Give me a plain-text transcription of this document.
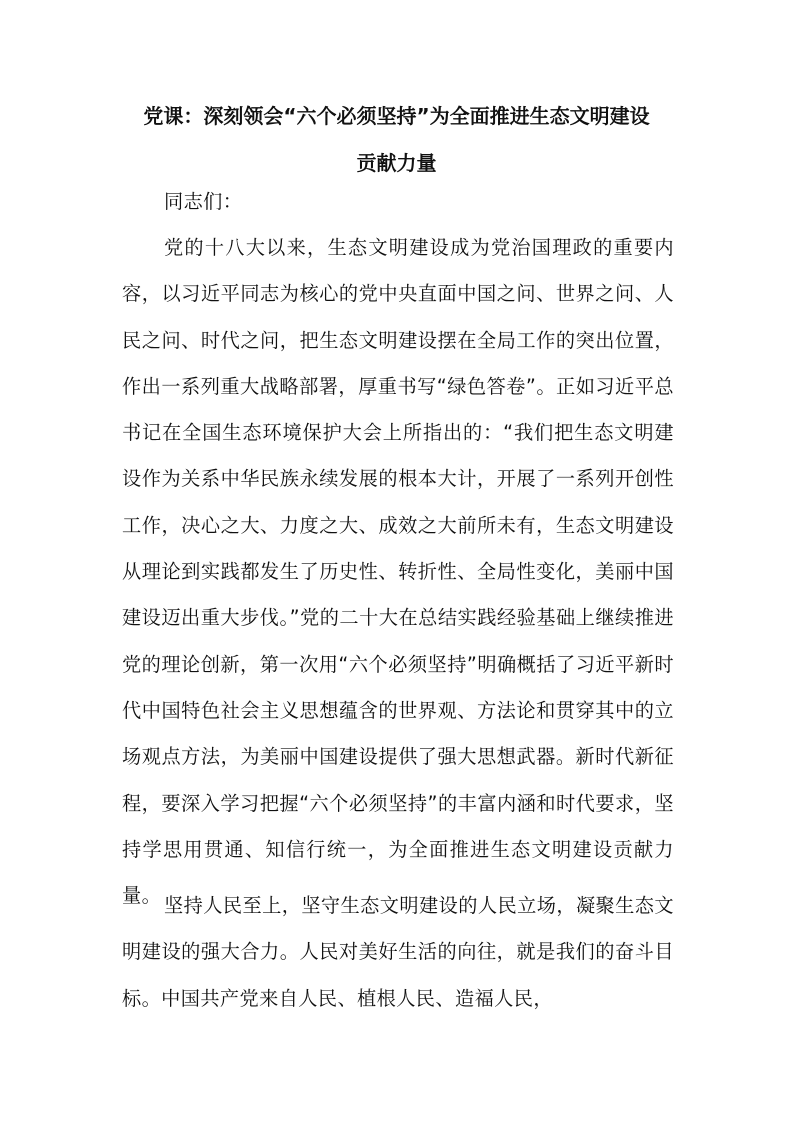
党课：深刻领会“六个必须坚持”为全面推进生态文明建设
贡献力量

同志们：

党的十八大以来，生态文明建设成为党治国理政的重要内容，以习近平同志为核心的党中央直面中国之问、世界之问、人民之问、时代之问，把生态文明建设摆在全局工作的突出位置，作出一系列重大战略部署，厚重书写“绿色答卷”。正如习近平总书记在全国生态环境保护大会上所指出的：“我们把生态文明建设作为关系中华民族永续发展的根本大计，开展了一系列开创性工作，决心之大、力度之大、成效之大前所未有，生态文明建设从理论到实践都发生了历史性、转折性、全局性变化，美丽中国建设迈出重大步伐。”党的二十大在总结实践经验基础上继续推进党的理论创新，第一次用“六个必须坚持”明确概括了习近平新时代中国特色社会主义思想蕴含的世界观、方法论和贯穿其中的立场观点方法，为美丽中国建设提供了强大思想武器。新时代新征程，要深入学习把握“六个必须坚持”的丰富内涵和时代要求，坚持学思用贯通、知信行统一，为全面推进生态文明建设贡献力量。 坚持人民至上，坚守生态文明建设的人民立场，凝聚生态文明建设的强大合力。人民对美好生活的向往，就是我们的奋斗目标。中国共产党来自人民、植根人民、造福人民，
